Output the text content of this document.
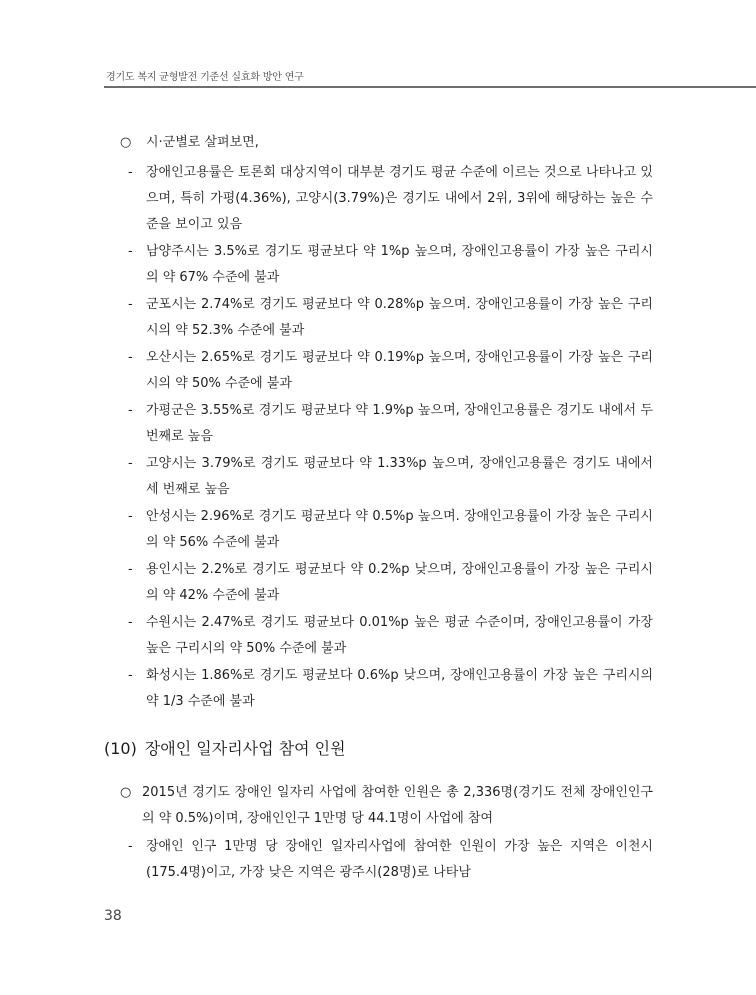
경기도 복지 균형발전 기준선 실효화 방안 연구
○ 시·군별로 살펴보면,
- 장애인고용률은 토론회 대상지역이 대부분 경기도 평균 수준에 이르는 것으로 나타나고 있으며, 특히 가평(4.36%), 고양시(3.79%)은 경기도 내에서 2위, 3위에 해당하는 높은 수준을 보이고 있음
- 남양주시는 3.5%로 경기도 평균보다 약 1%p 높으며, 장애인고용률이 가장 높은 구리시의 약 67% 수준에 불과
- 군포시는 2.74%로 경기도 평균보다 약 0.28%p 높으며. 장애인고용률이 가장 높은 구리시의 약 52.3% 수준에 불과
- 오산시는 2.65%로 경기도 평균보다 약 0.19%p 높으며, 장애인고용률이 가장 높은 구리시의 약 50% 수준에 불과
- 가평군은 3.55%로 경기도 평균보다 약 1.9%p 높으며, 장애인고용률은 경기도 내에서 두 번째로 높음
- 고양시는 3.79%로 경기도 평균보다 약 1.33%p 높으며, 장애인고용률은 경기도 내에서 세 번째로 높음
- 안성시는 2.96%로 경기도 평균보다 약 0.5%p 높으며. 장애인고용률이 가장 높은 구리시의 약 56% 수준에 불과
- 용인시는 2.2%로 경기도 평균보다 약 0.2%p 낮으며, 장애인고용률이 가장 높은 구리시의 약 42% 수준에 불과
- 수원시는 2.47%로 경기도 평균보다 0.01%p 높은 평균 수준이며, 장애인고용률이 가장 높은 구리시의 약 50% 수준에 불과
- 화성시는 1.86%로 경기도 평균보다 0.6%p 낮으며, 장애인고용률이 가장 높은 구리시의 약 1/3 수준에 불과
(10) 장애인 일자리사업 참여 인원
○ 2015년 경기도 장애인 일자리 사업에 참여한 인원은 총 2,336명(경기도 전체 장애인인구의 약 0.5%)이며, 장애인인구 1만명 당 44.1명이 사업에 참여
- 장애인 인구 1만명 당 장애인 일자리사업에 참여한 인원이 가장 높은 지역은 이천시(175.4명)이고, 가장 낮은 지역은 광주시(28명)로 나타남
38
